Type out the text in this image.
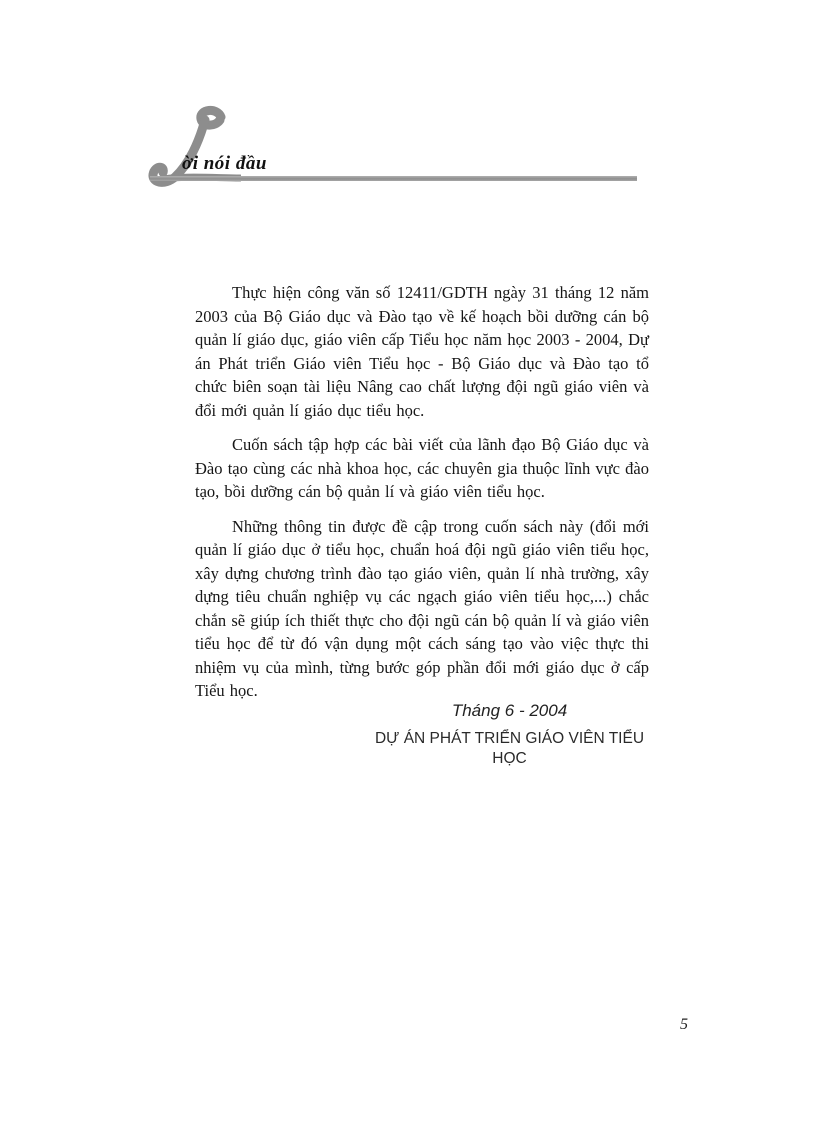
ời nói đầu

Thực hiện công văn số 12411/GDTH ngày 31 tháng 12 năm 2003 của Bộ Giáo dục và Đào tạo về kế hoạch bồi dưỡng cán bộ quản lí giáo dục, giáo viên cấp Tiểu học năm học 2003 - 2004, Dự án Phát triển Giáo viên Tiểu học - Bộ Giáo dục và Đào tạo tổ chức biên soạn tài liệu Nâng cao chất lượng đội ngũ giáo viên và đổi mới quản lí giáo dục tiểu học.

Cuốn sách tập hợp các bài viết của lãnh đạo Bộ Giáo dục và Đào tạo cùng các nhà khoa học, các chuyên gia thuộc lĩnh vực đào tạo, bồi dưỡng cán bộ quản lí và giáo viên tiểu học.

Những thông tin được đề cập trong cuốn sách này (đổi mới quản lí giáo dục ở tiểu học, chuẩn hoá đội ngũ giáo viên tiểu học, xây dựng chương trình đào tạo giáo viên, quản lí nhà trường, xây dựng tiêu chuẩn nghiệp vụ các ngạch giáo viên tiểu học,...) chắc chắn sẽ giúp ích thiết thực cho đội ngũ cán bộ quản lí và giáo viên tiểu học để từ đó vận dụng một cách sáng tạo vào việc thực thi nhiệm vụ của mình, từng bước góp phần đổi mới giáo dục ở cấp Tiểu học.

Tháng 6 - 2004
DỰ ÁN PHÁT TRIỂN GIÁO VIÊN TIỂU HỌC
5
